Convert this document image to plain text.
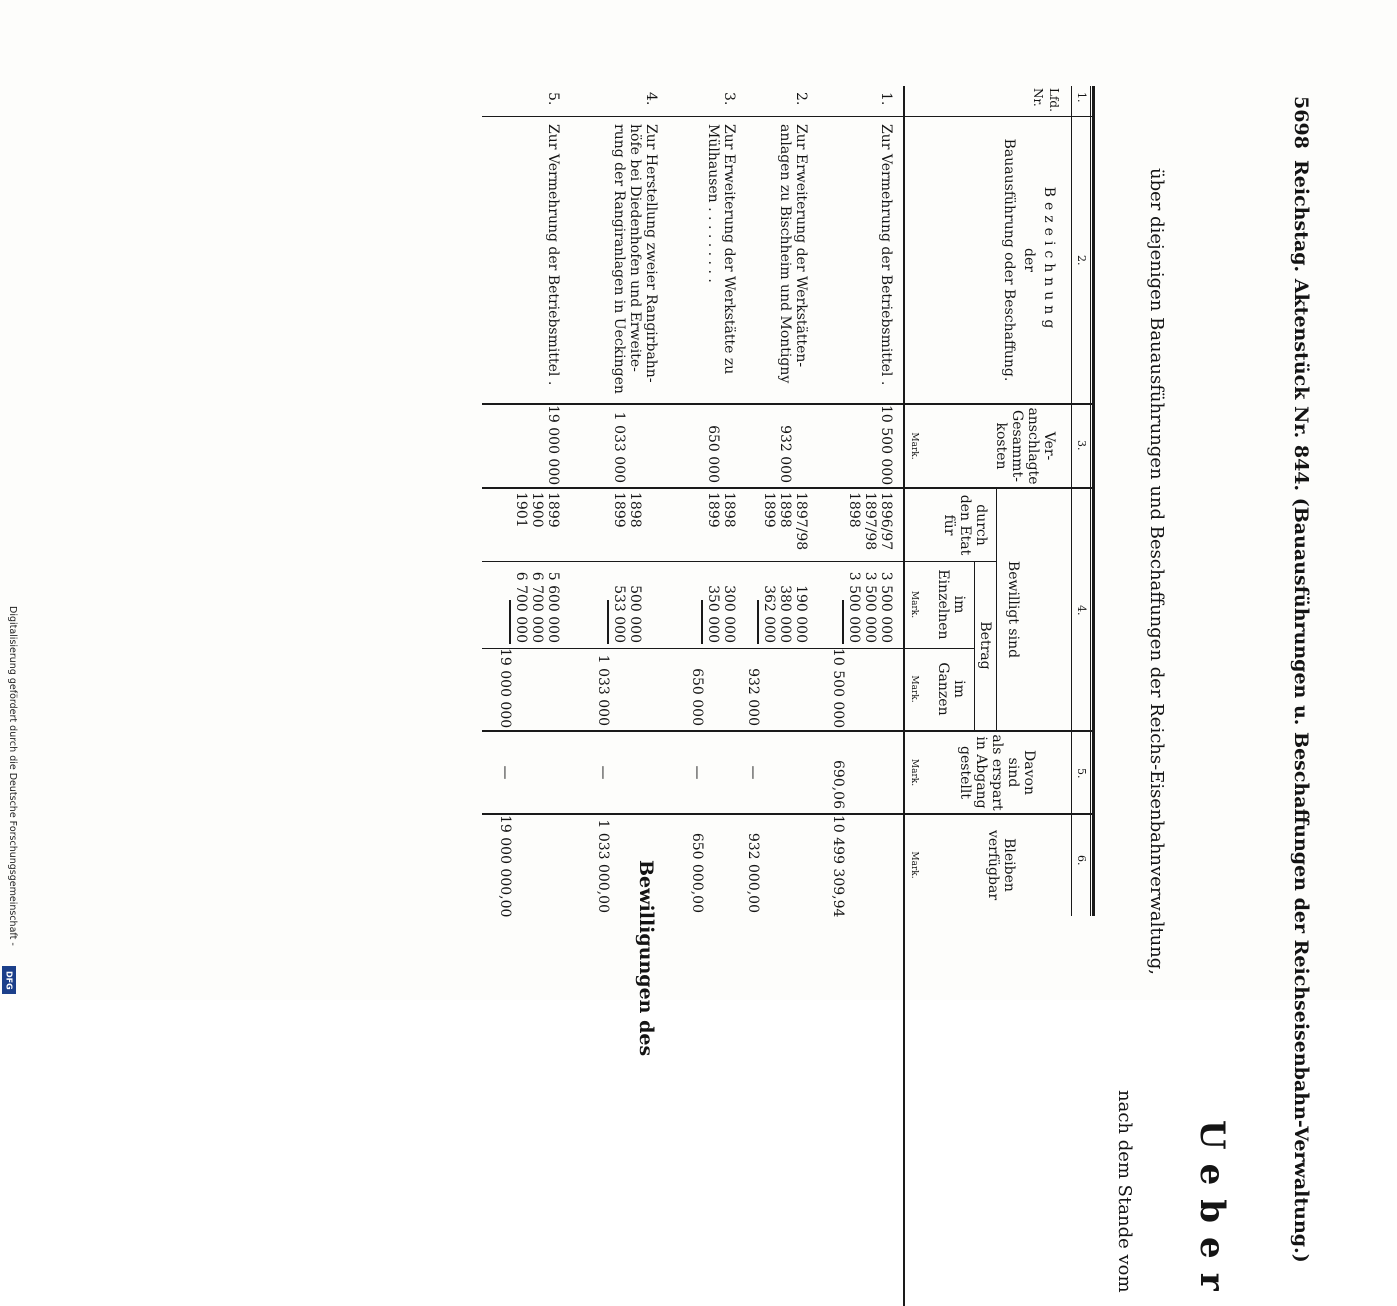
5698
Reichstag. Aktenstück Nr. 844. (Bauausführungen u. Beschaffungen der Reichseisenbahn-Verwaltung.)
Ueber
über diejenigen Bauausführungen und Beschaffungen der Reichs-Eisenbahnverwaltung,
nach dem Stande vom
1.
2.
3.
4.
5.
6.
Lfd. Nr.
Bezeichnung
der
Bauausführung oder Beschaffung.
Ver-
anschlagte
Gesammt-
kosten
Mark.
Bewilligt sind
durch
den Etat
für
Betrag
im
Einzelnen
Mark.
im
Ganzen
Mark.
Davon
sind
als erspart
in Abgang
gestellt
Mark.
Bleiben
verfügbar
Mark.
Bewilligungen des
1.
Zur Vermehrung der Betriebsmittel .
10 500 000
1896/97
1897/98
1898
3 500 000
3 500 000
3 500 000
10 500 000
690,06
10 499 309,94
2.
Zur Erweiterung der Werkstätten-anlagen zu Bischheim und Montigny
932 000
1897/98
1898
1899
190 000
380 000
362 000
932 000
—
932 000,00
3.
Zur Erweiterung der Werkstätte zu Mülhausen . . . . . . . . .
650 000
1898
1899
300 000
350 000
650 000
—
650 000,00
4.
Zur Herstellung zweier Rangirbahn-höfe bei Diedenhofen und Erweite-rung der Rangiranlagen in Ueckingen
1 033 000
1898
1899
500 000
533 000
1 033 000
—
1 033 000,00
5.
Zur Vermehrung der Betriebsmittel .
19 000 000
1899
1900
1901
5 600 000
6 700 000
6 700 000
19 000 000
—
19 000 000,00
Digitalisierung gefördert durch die Deutsche Forschungsgemeinschaft -
DFG
